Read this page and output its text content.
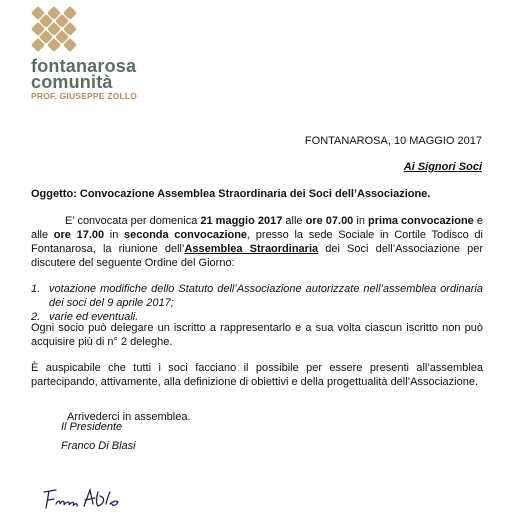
fontanarosa
comunità
PROF. GIUSEPPE ZOLLO
FONTANAROSA, 10 MAGGIO 2017
Ai Signori Soci
Oggetto: Convocazione Assemblea Straordinaria dei Soci dell’Associazione.
E’ convocata per domenica 21 maggio 2017 alle ore 07.00 in prima convocazione e alle ore 17.00 in seconda convocazione, presso la sede Sociale in Cortile Todisco di Fontanarosa, la riunione dell’Assemblea Straordinaria dei Soci dell’Associazione per discutere del seguente Ordine del Giorno:
1. votazione modifiche dello Statuto dell’Associazione autorizzate nell’assemblea ordinaria dei soci del 9 aprile 2017;
2. varie ed eventuali.
Ogni socio può delegare un iscritto a rappresentarlo e a sua volta ciascun iscritto non può acquisire più di n° 2 deleghe.
È auspicabile che tutti i soci facciano il possibile per essere presenti all’assemblea partecipando, attivamente, alla definizione di obiettivi e della progettualità dell’Associazione.
Arrivederci in assemblea.
Il Presidente
Franco Di Blasi
